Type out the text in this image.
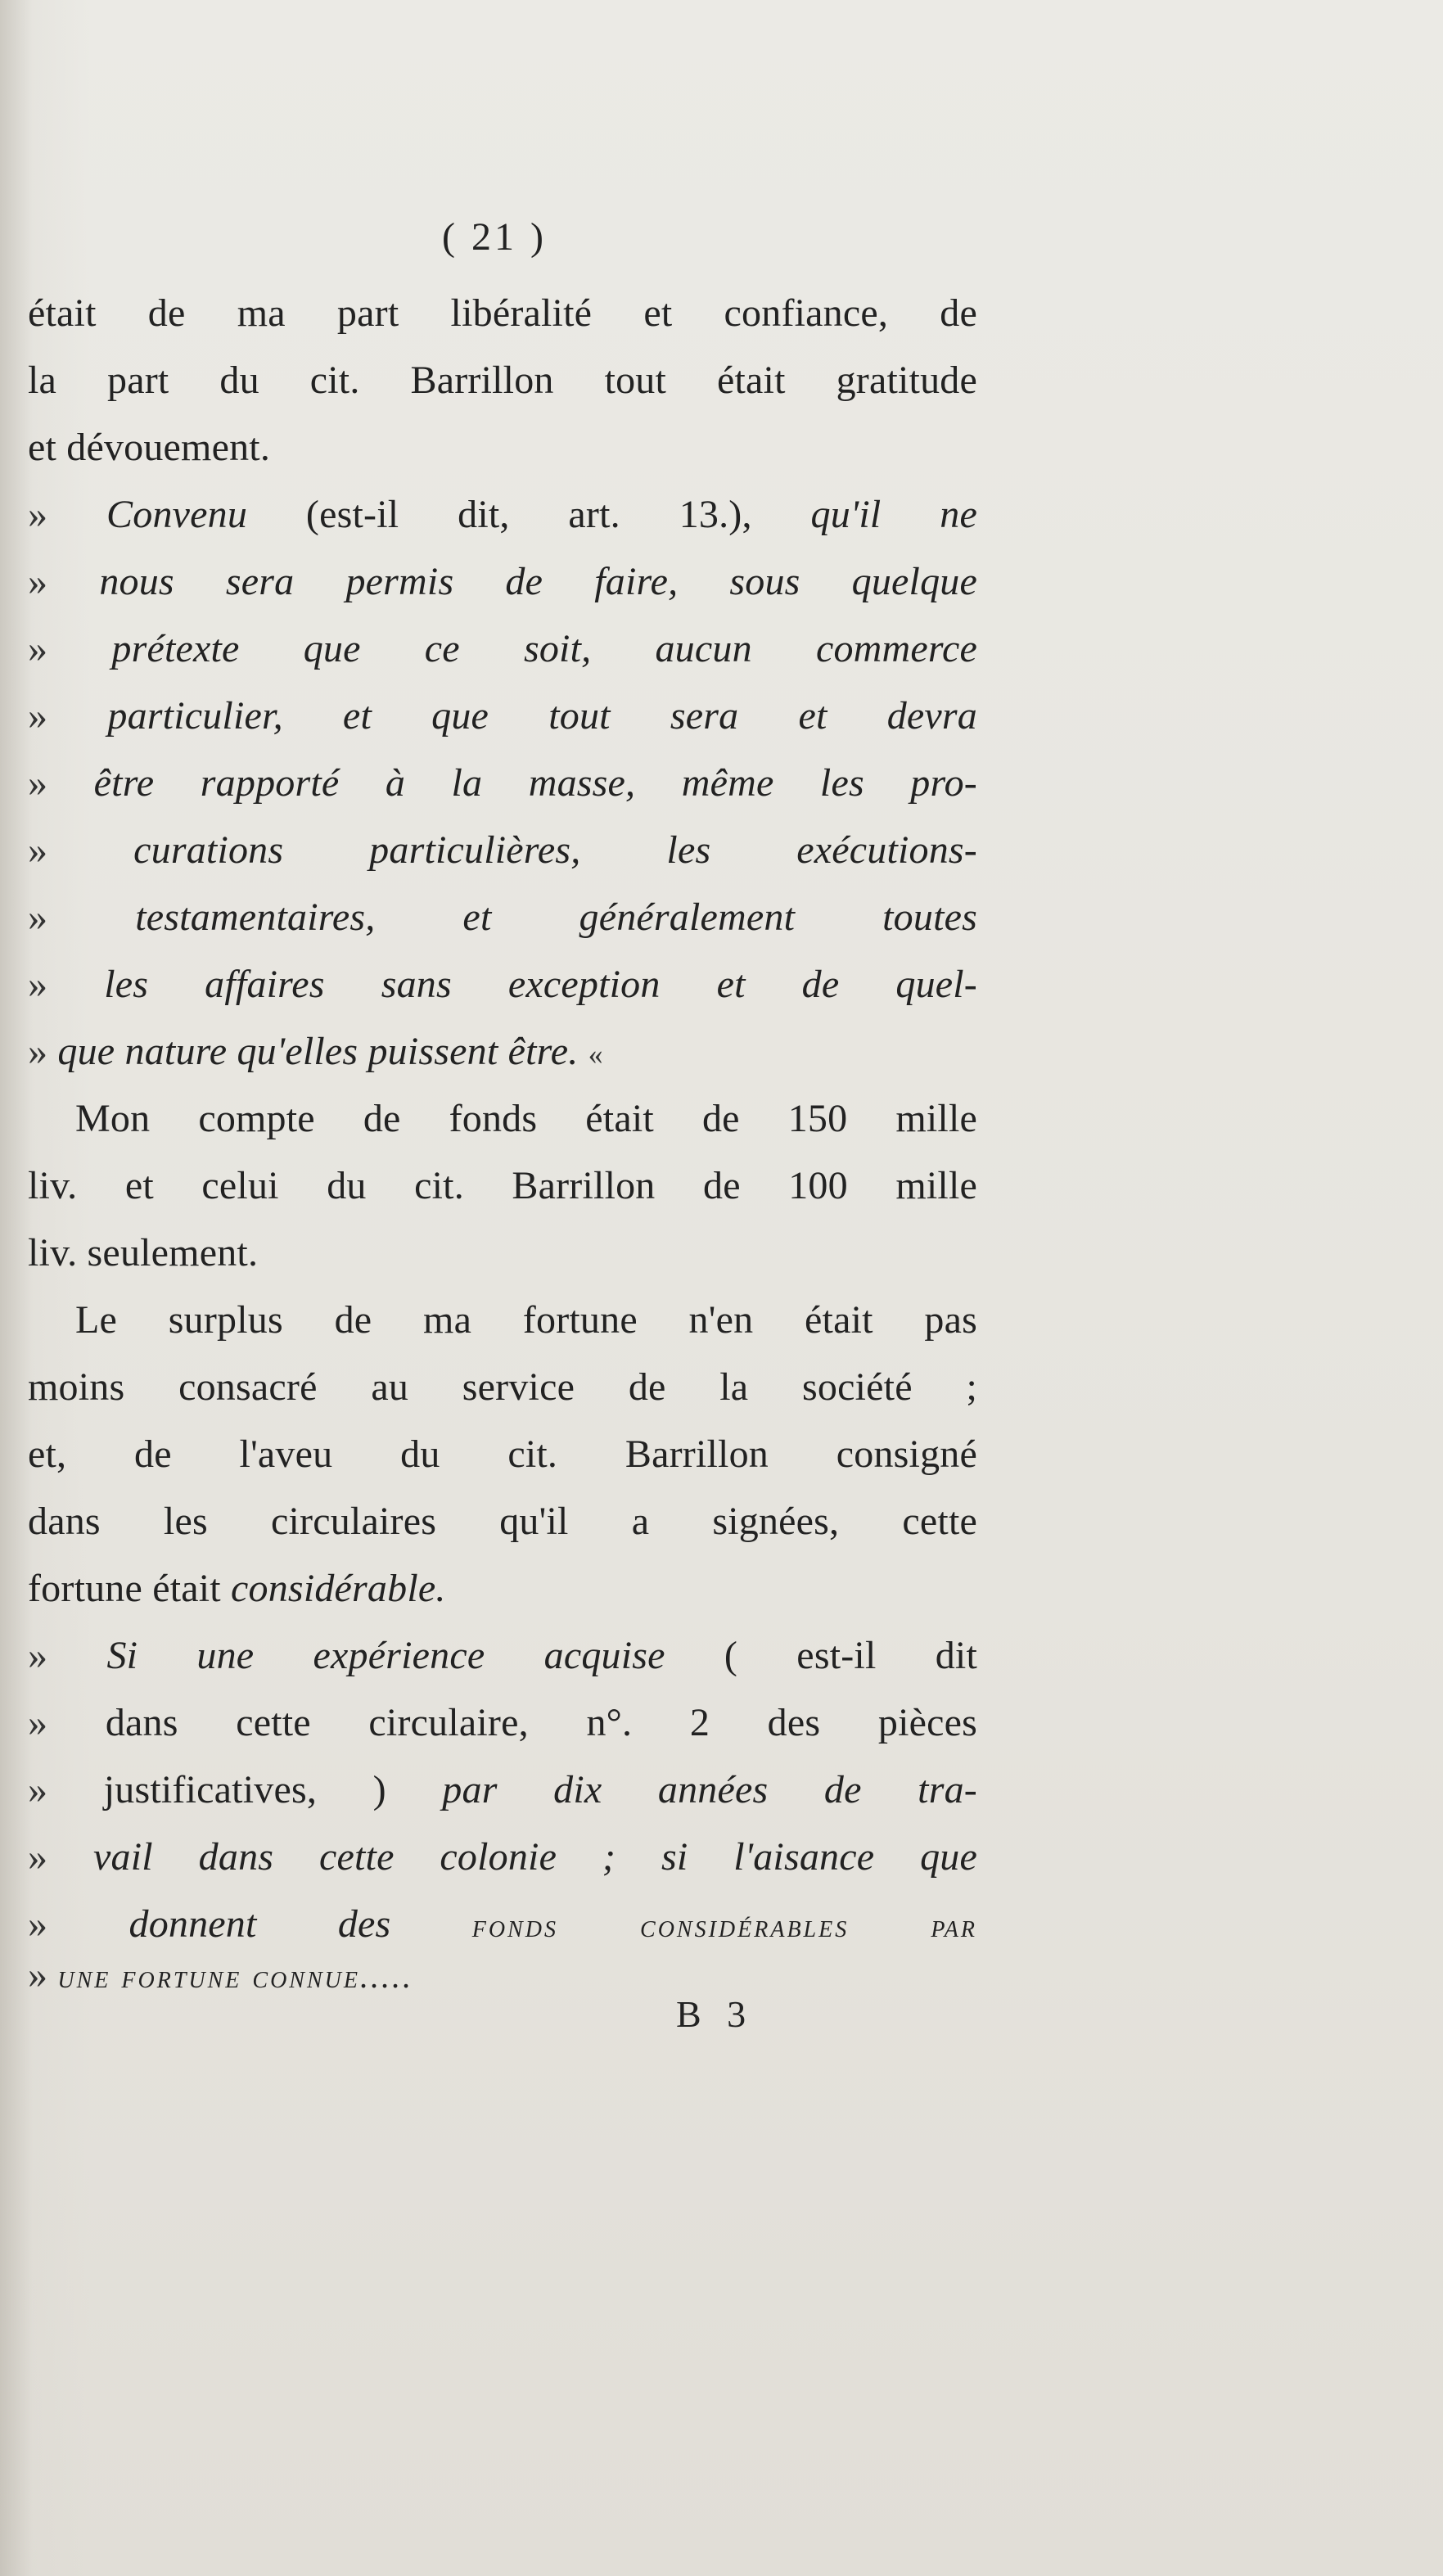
( 21 )
était de ma part libéralité et confiance, de
la part du cit. Barrillon tout était gratitude
et dévouement.
» Convenu (est-il dit, art. 13.), qu'il ne
» nous sera permis de faire, sous quelque
» prétexte que ce soit, aucun commerce
» particulier, et que tout sera et devra
» être rapporté à la masse, même les pro-
» curations particulières, les exécutions-
» testamentaires, et généralement toutes
» les affaires sans exception et de quel-
» que nature qu'elles puissent être. «
Mon compte de fonds était de 150 mille
liv. et celui du cit. Barrillon de 100 mille
liv. seulement.
Le surplus de ma fortune n'en était pas
moins consacré au service de la société ;
et, de l'aveu du cit. Barrillon consigné
dans les circulaires qu'il a signées, cette
fortune était considérable.
» Si une expérience acquise ( est-il dit
» dans cette circulaire, n°. 2 des pièces
» justificatives, ) par dix années de tra-
» vail dans cette colonie ; si l'aisance que
» donnent des fonds considérables par
» une fortune connue.....
B 3
